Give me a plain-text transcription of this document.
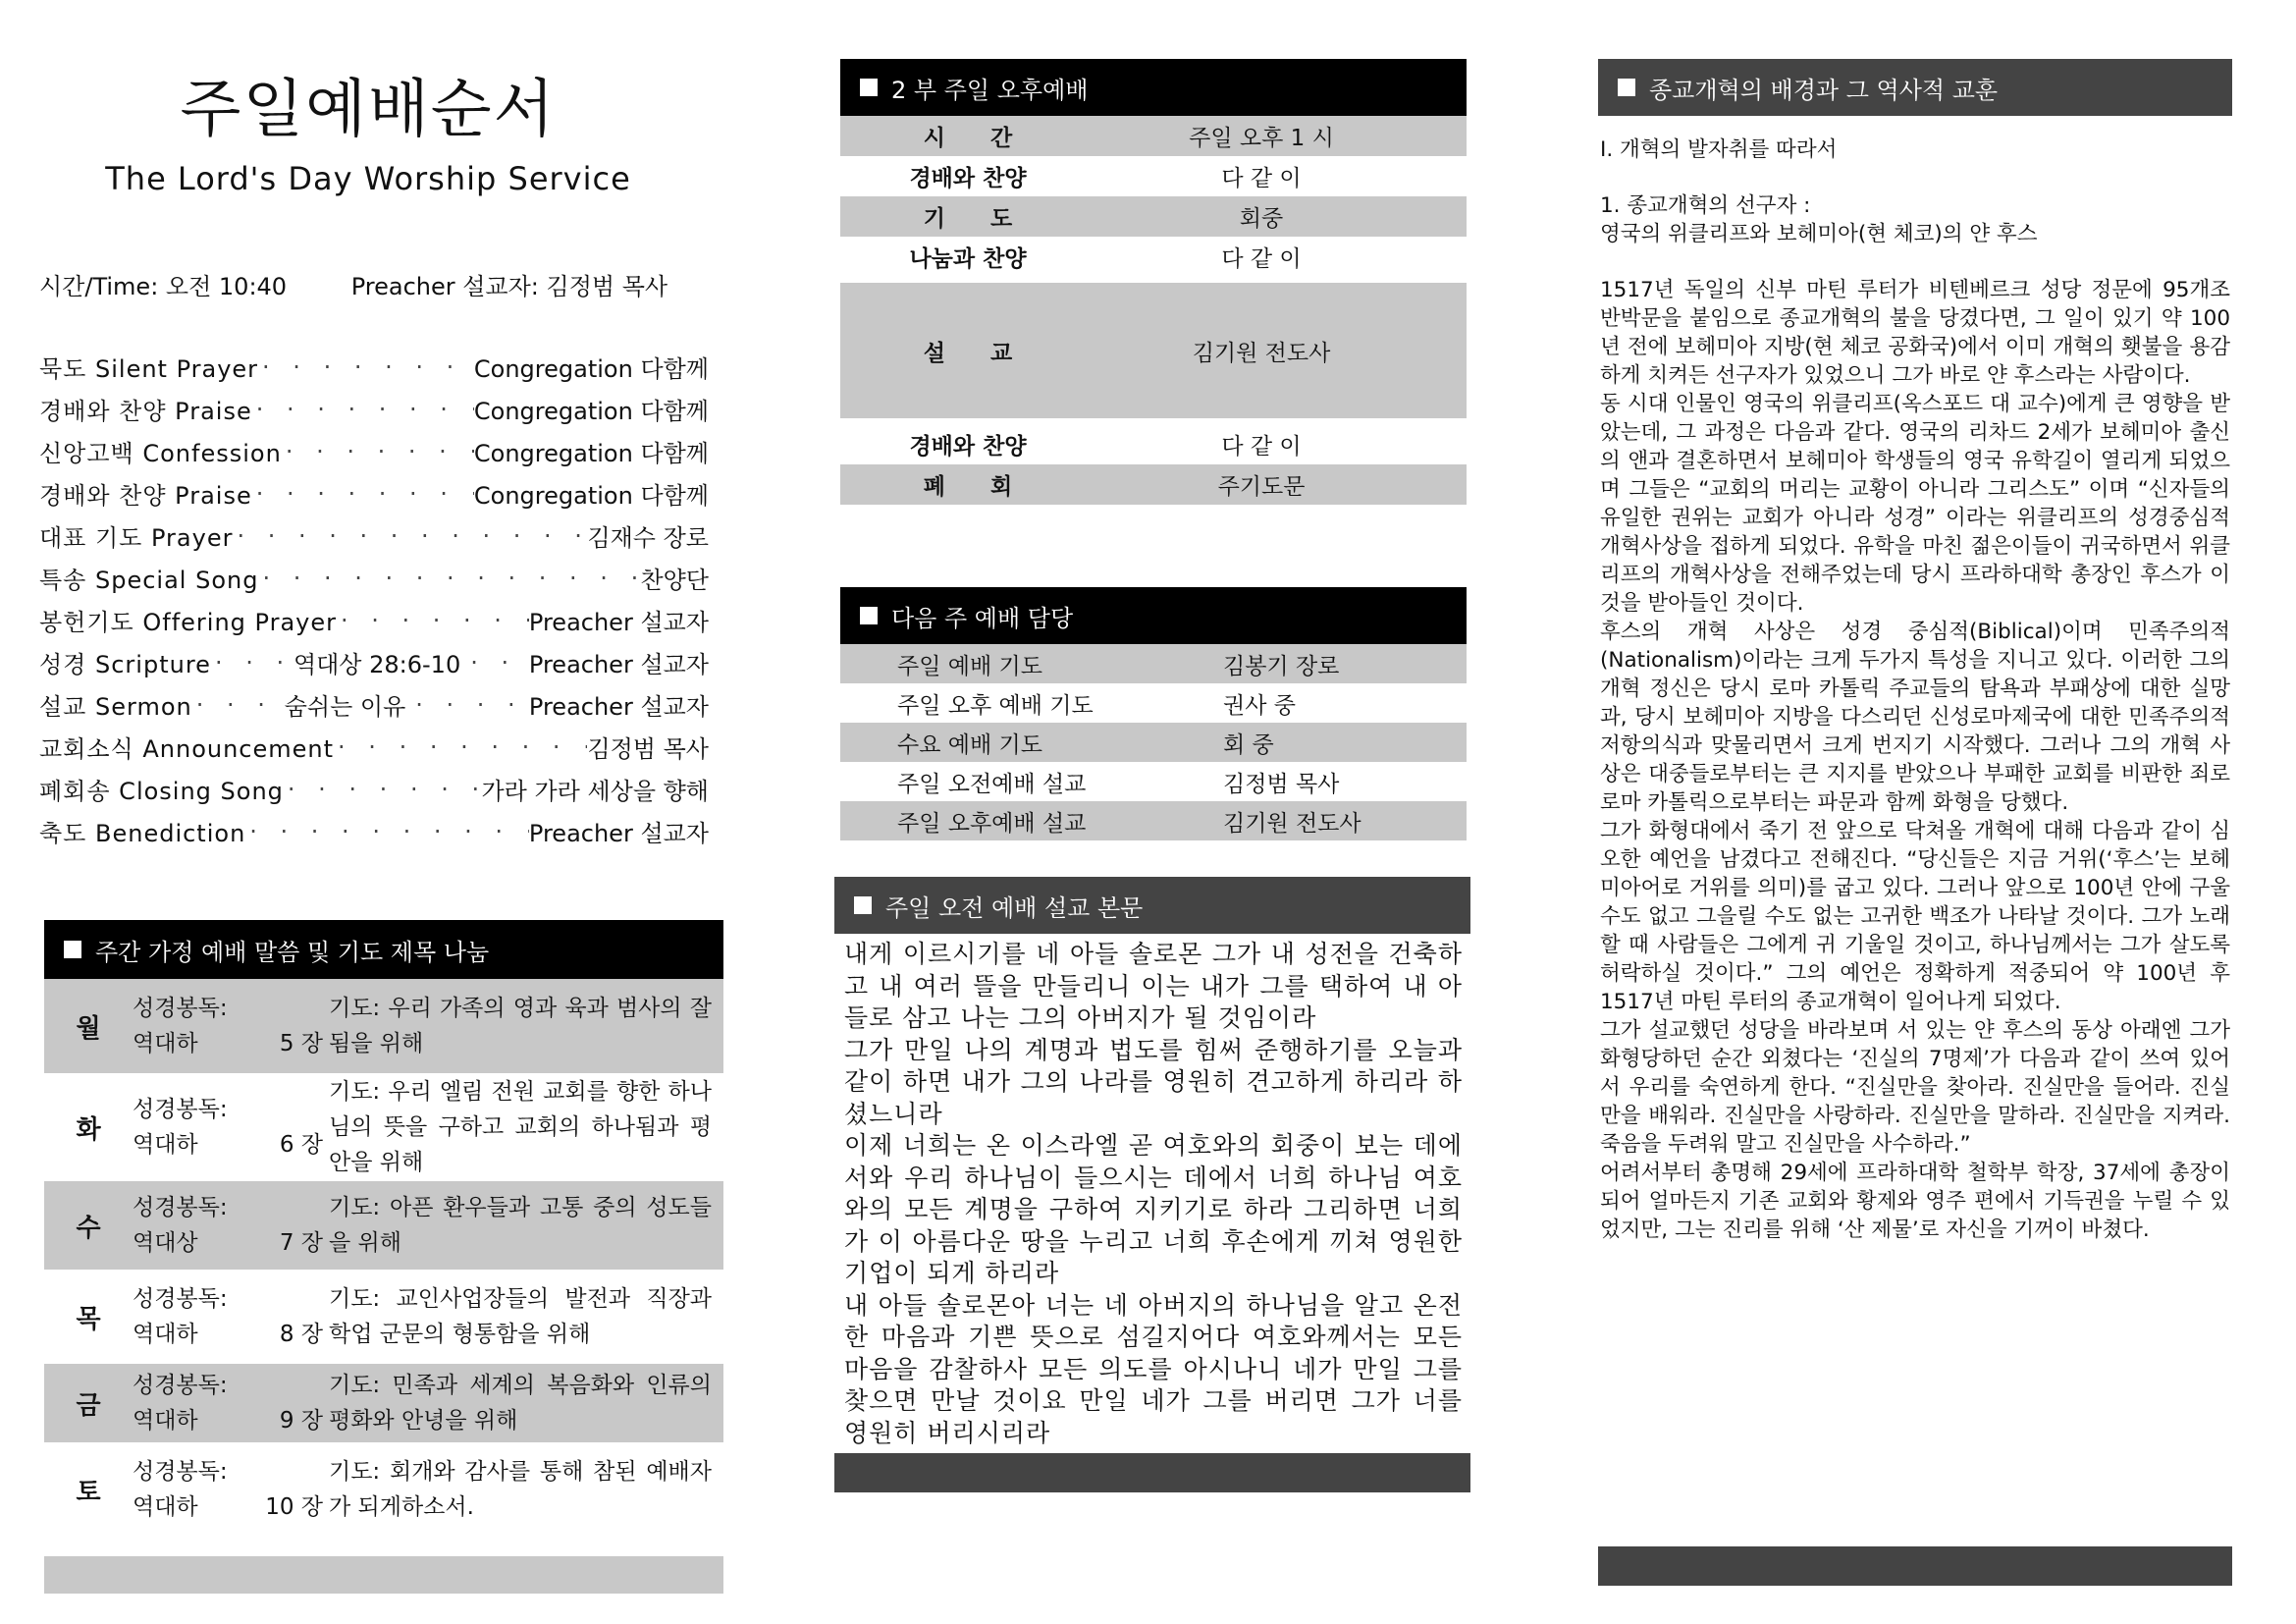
주일예배순서
The Lord's Day Worship Service
시간/Time: 오전 10:40	Preacher 설교자: 김정범 목사
묵도 Silent Prayer · · ·	Congregation 다함께
경배와 찬양 Praise · · ·	Congregation 다함께
신앙고백 Confession · · ·	Congregation 다함께
경배와 찬양 Praise · · ·	Congregation 다함께
대표 기도 Prayer · · ·	김재수 장로
특송 Special Song · · ·	찬양단
봉헌기도 Offering Prayer · · ·	Preacher 설교자
성경 Scripture · · ·	역대상 28:6-10 · · ·	Preacher 설교자
설교 Sermon · · ·	숨쉬는 이유 · · ·	Preacher 설교자
교회소식 Announcement · · ·	김정범 목사
폐회송 Closing Song · · ·	가라 가라 세상을 향해
축도 Benediction · · ·	Preacher 설교자
주간 가정 예배 말씀 및 기도 제목 나눔
월
성경봉독:
역대하	5 장
기도: 우리 가족의 영과 육과 범사의 잘됨을 위해
화
성경봉독:
역대하	6 장
기도: 우리 엘림 전원 교회를 향한 하나님의 뜻을 구하고 교회의 하나됨과 평안을 위해
수
성경봉독:
역대상	7 장
기도: 아픈 환우들과 고통 중의 성도들을 위해
목
성경봉독:
역대하	8 장
기도: 교인사업장들의 발전과 직장과 학업 군문의 형통함을 위해
금
성경봉독:
역대하	9 장
기도: 민족과 세계의 복음화와 인류의 평화와 안녕을 위해
토
성경봉독:
역대하	10 장
기도: 회개와 감사를 통해 참된 예배자가 되게하소서.
2 부 주일 오후예배
시　　간	주일 오후 1 시
경배와 찬양	다 같 이
기　　도	회중
나눔과 찬양	다 같 이
설　　교	김기원 전도사
경배와 찬양	다 같 이
폐　　회	주기도문
다음 주 예배 담당
주일 예배 기도	김봉기 장로
주일 오후 예배 기도	권사 중
수요 예배 기도	회 중
주일 오전예배 설교	김정범 목사
주일 오후예배 설교	김기원 전도사
주일 오전 예배 설교 본문

내게 이르시기를 네 아들 솔로몬 그가 내 성전을 건축하고 내 여러 뜰을 만들리니 이는 내가 그를 택하여 내 아들로 삼고 나는 그의 아버지가 될 것임이라

그가 만일 나의 계명과 법도를 힘써 준행하기를 오늘과 같이 하면 내가 그의 나라를 영원히 견고하게 하리라 하셨느니라

이제 너희는 온 이스라엘 곧 여호와의 회중이 보는 데에서와 우리 하나님이 들으시는 데에서 너희 하나님 여호와의 모든 계명을 구하여 지키기로 하라 그리하면 너희가 이 아름다운 땅을 누리고 너희 후손에게 끼쳐 영원한 기업이 되게 하리라

내 아들 솔로몬아 너는 네 아버지의 하나님을 알고 온전한 마음과 기쁜 뜻으로 섬길지어다 여호와께서는 모든 마음을 감찰하사 모든 의도를 아시나니 네가 만일 그를 찾으면 만날 것이요 만일 네가 그를 버리면 그가 너를 영원히 버리시리라

종교개혁의 배경과 그 역사적 교훈

I. 개혁의 발자취를 따라서

1. 종교개혁의 선구자 :

영국의 위클리프와 보헤미아(현 체코)의 얀 후스

1517년 독일의 신부 마틴 루터가 비텐베르크 성당 정문에 95개조 반박문을 붙임으로 종교개혁의 불을 당겼다면, 그 일이 있기 약 100년 전에 보헤미아 지방(현 체코 공화국)에서 이미 개혁의 횃불을 용감하게 치켜든 선구자가 있었으니 그가 바로 얀 후스라는 사람이다.

동 시대 인물인 영국의 위클리프(옥스포드 대 교수)에게 큰 영향을 받았는데, 그 과정은 다음과 같다. 영국의 리차드 2세가 보헤미아 출신의 앤과 결혼하면서 보헤미아 학생들의 영국 유학길이 열리게 되었으며 그들은 “교회의 머리는 교황이 아니라 그리스도” 이며 “신자들의 유일한 권위는 교회가 아니라 성경” 이라는 위클리프의 성경중심적 개혁사상을 접하게 되었다. 유학을 마친 젊은이들이 귀국하면서 위클리프의 개혁사상을 전해주었는데 당시 프라하대학 총장인 후스가 이것을 받아들인 것이다.

후스의 개혁 사상은 성경 중심적(Biblical)이며 민족주의적(Nationalism)이라는 크게 두가지 특성을 지니고 있다. 이러한 그의 개혁 정신은 당시 로마 카톨릭 주교들의 탐욕과 부패상에 대한 실망과, 당시 보헤미아 지방을 다스리던 신성로마제국에 대한 민족주의적 저항의식과 맞물리면서 크게 번지기 시작했다. 그러나 그의 개혁 사상은 대중들로부터는 큰 지지를 받았으나 부패한 교회를 비판한 죄로 로마 카톨릭으로부터는 파문과 함께 화형을 당했다.

그가 화형대에서 죽기 전 앞으로 닥쳐올 개혁에 대해 다음과 같이 심오한 예언을 남겼다고 전해진다. “당신들은 지금 거위(‘후스’는 보헤미아어로 거위를 의미)를 굽고 있다. 그러나 앞으로 100년 안에 구울 수도 없고 그을릴 수도 없는 고귀한 백조가 나타날 것이다. 그가 노래할 때 사람들은 그에게 귀 기울일 것이고, 하나님께서는 그가 살도록 허락하실 것이다.” 그의 예언은 정확하게 적중되어 약 100년 후 1517년 마틴 루터의 종교개혁이 일어나게 되었다.

그가 설교했던 성당을 바라보며 서 있는 얀 후스의 동상 아래엔 그가 화형당하던 순간 외쳤다는 ‘진실의 7명제’가 다음과 같이 쓰여 있어서 우리를 숙연하게 한다. “진실만을 찾아라. 진실만을 들어라. 진실만을 배워라. 진실만을 사랑하라. 진실만을 말하라. 진실만을 지켜라. 죽음을 두려워 말고 진실만을 사수하라.”

어려서부터 총명해 29세에 프라하대학 철학부 학장, 37세에 총장이 되어 얼마든지 기존 교회와 황제와 영주 편에서 기득권을 누릴 수 있었지만, 그는 진리를 위해 ‘산 제물’로 자신을 기꺼이 바쳤다.
